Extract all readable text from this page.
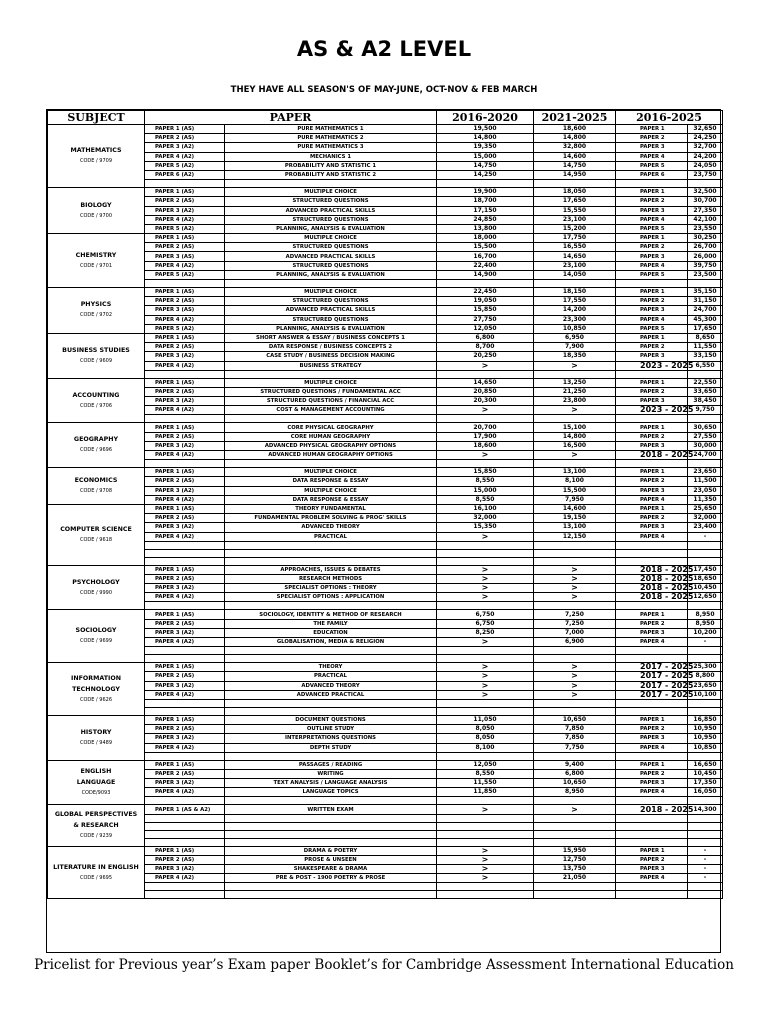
AS & A2 LEVEL
THEY HAVE ALL SEASON'S OF MAY-JUNE, OCT-NOV & FEB MARCH
SUBJECT	PAPER		2016-2020	2021-2025	2016-2025	

MATHEMATICS
CODE / 9709	PAPER 1 (AS)	PURE MATHEMATICS 1	19,500	18,600	PAPER 1	32,650
	PAPER 2 (AS)	PURE MATHEMATICS 2	14,800	14,800	PAPER 2	24,250
	PAPER 3 (A2)	PURE MATHEMATICS 3	19,350	32,800	PAPER 3	32,700
	PAPER 4 (A2)	MECHANICS 1	15,000	14,600	PAPER 4	24,200
	PAPER 5 (A2)	PROBABILITY AND STATISTIC 1	14,750	14,750	PAPER 5	24,050
	PAPER 6 (A2)	PROBABILITY AND STATISTIC 2	14,250	14,950	PAPER 6	23,750

BIOLOGY
CODE / 9700	PAPER 1 (AS)	MULTIPLE CHOICE	19,900	18,050	PAPER 1	32,500
	PAPER 2 (AS)	STRUCTURED QUESTIONS	18,700	17,650	PAPER 2	30,700
	PAPER 3 (A2)	ADVANCED PRACTICAL SKILLS	17,150	15,550	PAPER 3	27,350
	PAPER 4 (A2)	STRUCTURED QUESTIONS	24,850	23,100	PAPER 4	42,100
	PAPER 5 (A2)	PLANNING, ANALYSIS & EVALUATION	13,800	15,200	PAPER 5	23,550

CHEMISTRY
CODE / 9701	PAPER 1 (AS)	MULTIPLE CHOICE	18,000	17,750	PAPER 1	30,250
	PAPER 2 (AS)	STRUCTURED QUESTIONS	15,500	16,550	PAPER 2	26,700
	PAPER 3 (AS)	ADVANCED PRACTICAL SKILLS	16,700	14,650	PAPER 3	26,000
	PAPER 4 (A2)	STRUCTURED QUESTIONS	22,400	23,100	PAPER 4	39,750
	PAPER 5 (A2)	PLANNING, ANALYSIS & EVALUATION	14,900	14,050	PAPER 5	23,500

PHYSICS
CODE / 9702	PAPER 1 (AS)	MULTIPLE CHOICE	22,450	18,150	PAPER 1	35,150
	PAPER 2 (AS)	STRUCTURED QUESTIONS	19,050	17,550	PAPER 2	31,150
	PAPER 3 (AS)	ADVANCED PRACTICAL SKILLS	15,850	14,200	PAPER 3	24,700
	PAPER 4 (A2)	STRUCTURED QUESTIONS	27,750	23,300	PAPER 4	45,300
	PAPER 5 (A2)	PLANNING, ANALYSIS & EVALUATION	12,050	10,850	PAPER 5	17,650

BUSINESS STUDIES
CODE / 9609	PAPER 1 (AS)	SHORT ANSWER & ESSAY / BUSINESS CONCEPTS 1	6,800	6,950	PAPER 1	8,650
	PAPER 2 (AS)	DATA RESPONSE / BUSINESS CONCEPTS 2	8,700	7,900	PAPER 2	11,550
	PAPER 3 (A2)	CASE STUDY / BUSINESS DECISION MAKING	20,250	18,350	PAPER 3	33,150
	PAPER 4 (A2)	BUSINESS STRATEGY	>	>	2023 - 2025	6,550

ACCOUNTING
CODE / 9706	PAPER 1 (AS)	MULTIPLE CHOICE	14,650	13,250	PAPER 1	22,550
	PAPER 2 (AS)	STRUCTURED QUESTIONS / FUNDAMENTAL ACC	20,850	21,250	PAPER 2	33,650
	PAPER 3 (A2)	STRUCTURED QUESTIONS / FINANCIAL ACC	20,300	23,800	PAPER 3	38,450
	PAPER 4 (A2)	COST & MANAGEMENT ACCOUNTING	>	>	2023 - 2025	9,750

GEOGRAPHY
CODE / 9696	PAPER 1 (AS)	CORE PHYSICAL GEOGRAPHY	20,700	15,100	PAPER 1	30,650
	PAPER 2 (AS)	CORE HUMAN GEOGRAPHY	17,900	14,800	PAPER 2	27,550
	PAPER 3 (A2)	ADVANCED PHYSICAL GEOGRAPHY OPTIONS	18,600	16,500	PAPER 3	30,000
	PAPER 4 (A2)	ADVANCED HUMAN GEOGRAPHY OPTIONS	>	>	2018 - 2025	24,700

ECONOMICS
CODE / 9708	PAPER 1 (AS)	MULTIPLE CHOICE	15,850	13,100	PAPER 1	23,650
	PAPER 2 (AS)	DATA RESPONSE & ESSAY	8,550	8,100	PAPER 2	11,500
	PAPER 3 (A2)	MULTIPLE CHOICE	15,000	15,500	PAPER 3	23,050
	PAPER 4 (A2)	DATA RESPONSE & ESSAY	8,550	7,950	PAPER 4	11,350

COMPUTER SCIENCE
CODE / 9618	PAPER 1 (AS)	THEORY FUNDAMENTAL	16,100	14,600	PAPER 1	25,650
	PAPER 2 (AS)	FUNDAMENTAL PROBLEM SOLVING & PROG' SKILLS	32,000	19,150	PAPER 2	32,000
	PAPER 3 (A2)	ADVANCED THEORY	15,350	13,100	PAPER 3	23,400
	PAPER 4 (A2)	PRACTICAL	>	12,150	PAPER 4	-

PSYCHOLOGY
CODE / 9990	PAPER 1 (AS)	APPROACHES, ISSUES & DEBATES	>	>	2018 - 2025	17,450
	PAPER 2 (AS)	RESEARCH METHODS	>	>	2018 - 2025	18,650
	PAPER 3 (A2)	SPECIALIST OPTIONS : THEORY	>	>	2018 - 2025	10,450
	PAPER 4 (A2)	SPECIALIST OPTIONS : APPLICATION	>	>	2018 - 2025	12,650

SOCIOLOGY
CODE / 9699	PAPER 1 (AS)	SOCIOLOGY, IDENTITY & METHOD OF RESEARCH	6,750	7,250	PAPER 1	8,950
	PAPER 2 (AS)	THE FAMILY	6,750	7,250	PAPER 2	8,950
	PAPER 3 (A2)	EDUCATION	8,250	7,000	PAPER 3	10,200
	PAPER 4 (A2)	GLOBALISATION, MEDIA & RELIGION	>	6,900	PAPER 4	-

INFORMATION
TECHNOLOGY
CODE / 9626	PAPER 1 (AS)	THEORY	>	>	2017 - 2025	25,300
	PAPER 2 (AS)	PRACTICAL	>	>	2017 - 2025	8,800
	PAPER 3 (A2)	ADVANCED THEORY	>	>	2017 - 2025	23,650
	PAPER 4 (A2)	ADVANCED PRACTICAL	>	>	2017 - 2025	10,100

HISTORY
CODE / 9489	PAPER 1 (AS)	DOCUMENT QUESTIONS	11,050	10,650	PAPER 1	16,850
	PAPER 2 (AS)	OUTLINE STUDY	8,050	7,850	PAPER 2	10,950
	PAPER 3 (A2)	INTERPRETATIONS QUESTIONS	8,050	7,850	PAPER 3	10,950
	PAPER 4 (A2)	DEPTH STUDY	8,100	7,750	PAPER 4	10,850

ENGLISH
LANGUAGE
CODE/9093	PAPER 1 (AS)	PASSAGES / READING	12,050	9,400	PAPER 1	16,650
	PAPER 2 (AS)	WRITING	8,550	6,800	PAPER 2	10,450
	PAPER 3 (A2)	TEXT ANALYSIS / LANGUAGE ANALYSIS	11,550	10,650	PAPER 3	17,350
	PAPER 4 (A2)	LANGUAGE TOPICS	11,850	8,950	PAPER 4	16,050

GLOBAL PERSPECTIVES
& RESEARCH
CODE / 9239	PAPER 1 (AS & A2)	WRITTEN EXAM	>	>	2018 - 2025	14,300

LITERATURE IN ENGLISH
CODE / 9695	PAPER 1 (AS)	DRAMA & POETRY	>	15,950	PAPER 1	-
	PAPER 2 (AS)	PROSE & UNSEEN	>	12,750	PAPER 2	-
	PAPER 3 (A2)	SHAKESPEARE & DRAMA	>	13,750	PAPER 3	-
	PAPER 4 (A2)	PRE & POST - 1900 POETRY & PROSE	>	21,050	PAPER 4	-

Pricelist for Previous year’s Exam paper Booklet’s for Cambridge Assessment International Education
